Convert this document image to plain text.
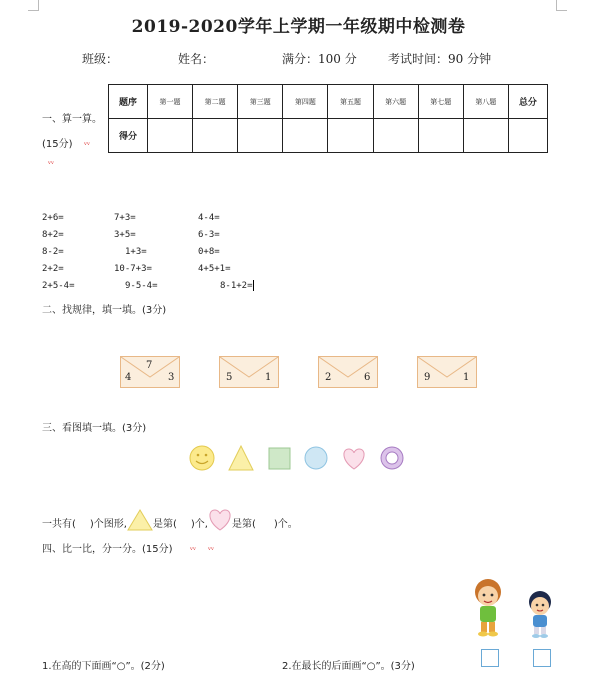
2019-2020学年上学期一年级期中检测卷
班级：	姓名：	满分：100 分	考试时间：90 分钟
一、算一算。
(15分) ᵥᵥ
ᵥᵥ
题序	第一题	第二题	第三题	第四题	第五题	第六题	第七题	第八题	总分
得分									
2+6=
8+2=
8-2=
2+2=
2+5-4=
7+3=
3+5=
1+3=
10-7+3=
9-5-4=
4-4=
6-3=
0+8=
4+5+1=
8-1+2=
二、找规律，填一填。(3分)
7
4	3	5	1	2	6	9	1
三、看图填一填。(3分)
一共有( )个图形,	是第( )个, 是第( )个。
四、比一比，分一分。(15分) ᵥᵥ ᵥᵥ
1.在高的下面画“○”。(2分)	2.在最长的后面画“○”。(3分)
